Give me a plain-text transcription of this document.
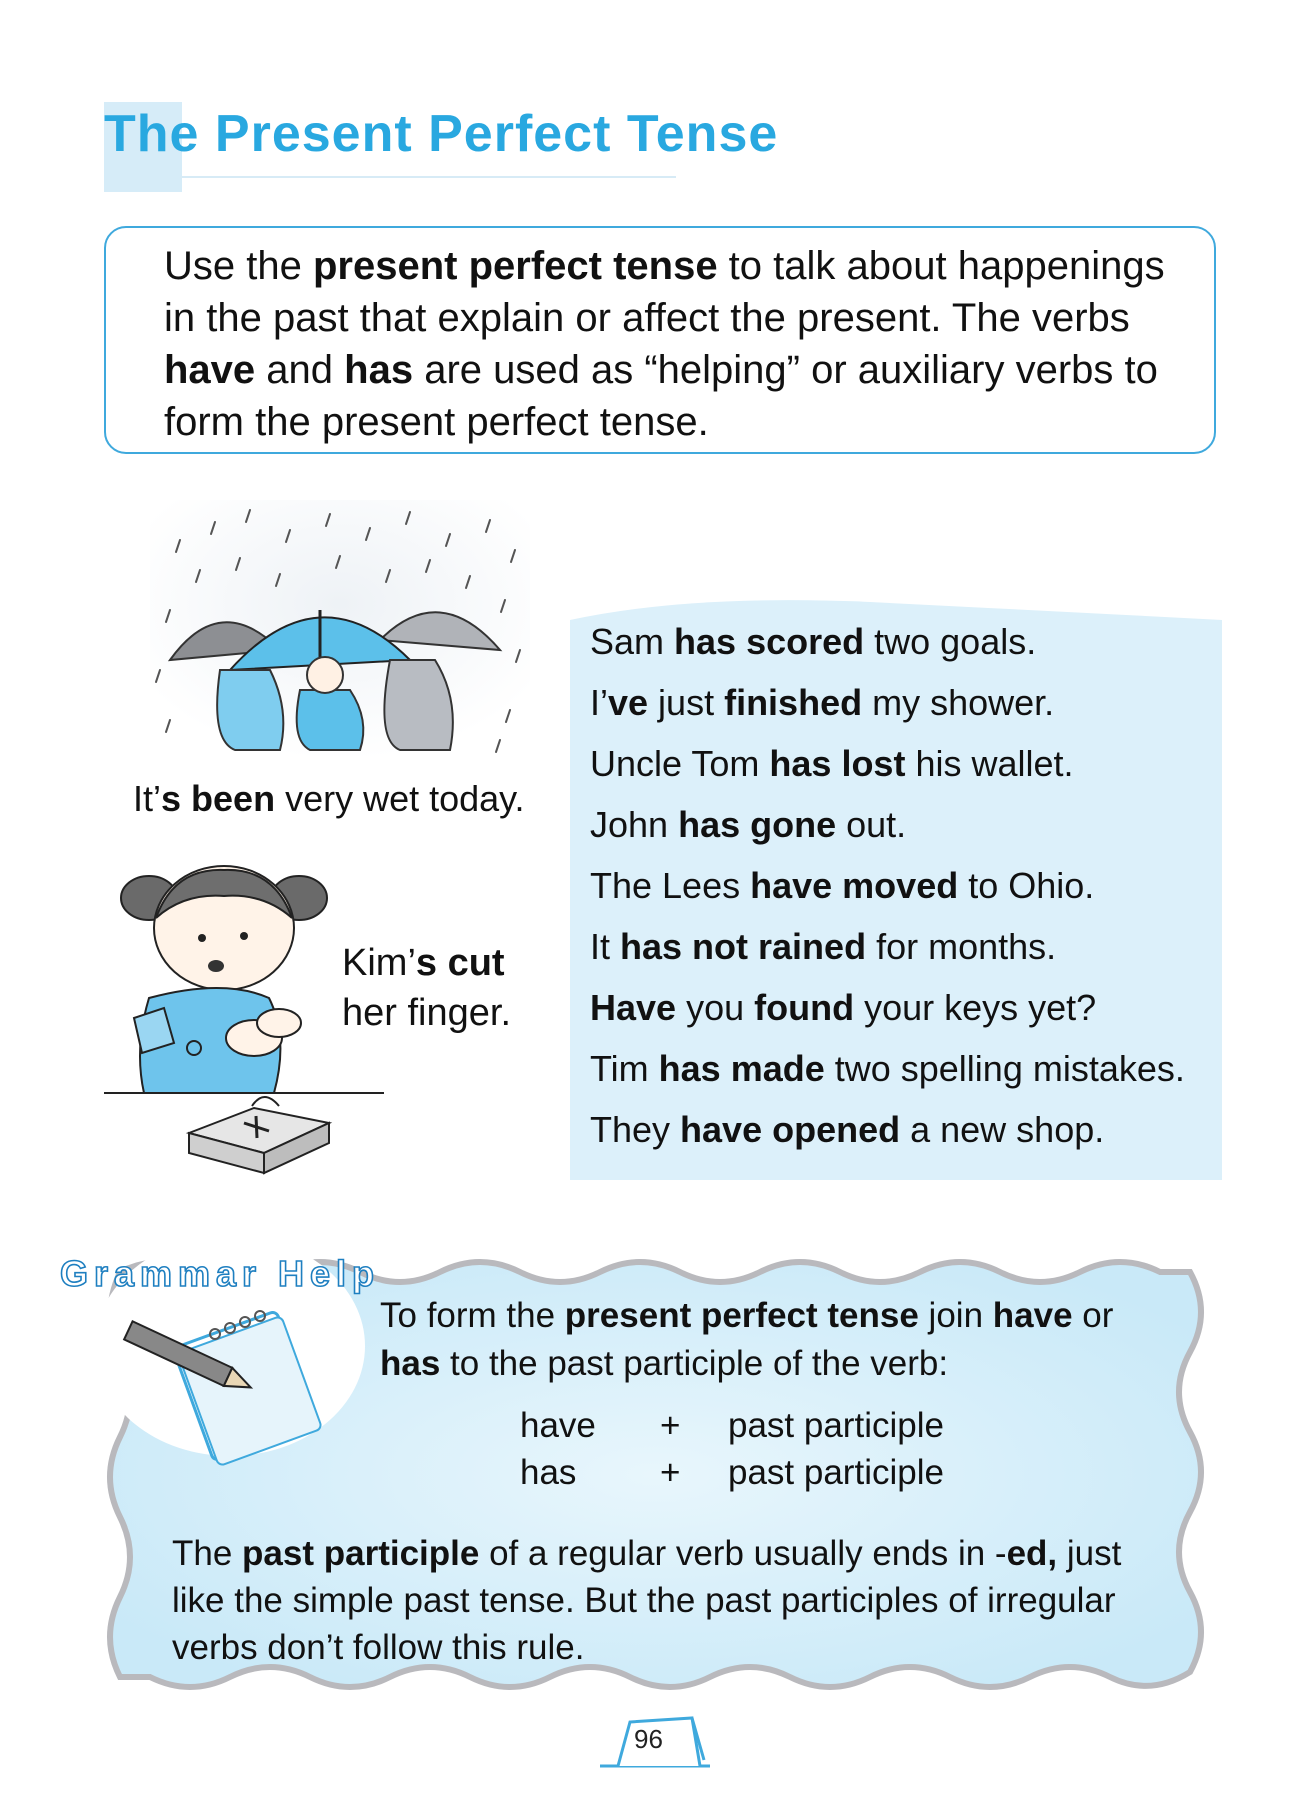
The Present Perfect Tense
Use the present perfect tense to talk about happenings in the past that explain or affect the present. The verbs have and has are used as “helping” or auxiliary verbs to form the present perfect tense.
It’s been very wet today.
Kim’s cut
her finger.
Sam has scored two goals.
I’ve just finished my shower.
Uncle Tom has lost his wallet.
John has gone out.
The Lees have moved to Ohio.
It has not rained for months.
Have you found your keys yet?
Tim has made two spelling mistakes.
They have opened a new shop.
Grammar Help
To form the present perfect tense join have or has to the past participle of the verb:
have + past participle
has + past participle
The past participle of a regular verb usually ends in -ed, just like the simple past tense. But the past participles of irregular verbs don’t follow this rule.
96
